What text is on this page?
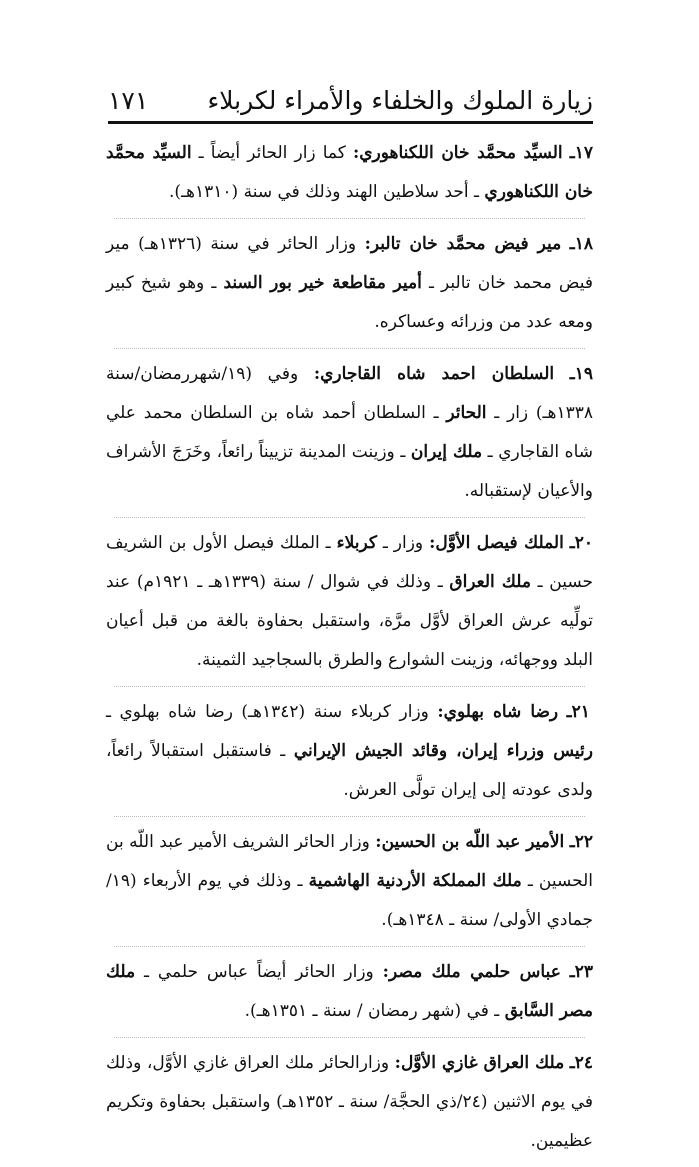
زيارة الملوك والخلفاء والأمراء لكربلاء
١٧١

١٧ـ السيِّد محمَّد خان اللكناهوري: كما زار الحائر أيضاً ـ السيِّد محمَّد خان اللكناهوري ـ أحد سلاطين الهند وذلك في سنة (١٣١٠هـ).

١٨ـ مير فيض محمَّد خان تالبر: وزار الحائر في سنة (١٣٢٦هـ) مير فيض محمد خان تالبر ـ أمير مقاطعة خير بور السند ـ وهو شيخ كبير ومعه عدد من وزرائه وعساكره.

١٩ـ السلطان احمد شاه القاجاري: وفي (١٩/شهررمضان/سنة ١٣٣٨هـ) زار ـ الحائر ـ السلطان أحمد شاه بن السلطان محمد علي شاه القاجاري ـ ملك إيران ـ وزينت المدينة تزييناً رائعاً، وخَرَجَ الأشراف والأعيان لإستقباله.

٢٠ـ الملك فيصل الأوَّل: وزار ـ كربلاء ـ الملك فيصل الأول بن الشريف حسين ـ ملك العراق ـ وذلك في شوال / سنة (١٣٣٩هـ ـ ١٩٢١م) عند تولِّيه عرش العراق لأوَّل مرَّة، واستقبل بحفاوة بالغة من قبل أعيان البلد ووجهائه، وزينت الشوارع والطرق بالسجاجيد الثمينة.

٢١ـ رضا شاه بهلوي: وزار كربلاء سنة (١٣٤٢هـ) رضا شاه بهلوي ـ رئيس وزراء إيران، وقائد الجيش الإيراني ـ فاستقبل استقبالاً رائعاً، ولدى عودته إلى إيران تولَّى العرش.

٢٢ـ الأمير عبد اللّه بن الحسين: وزار الحائر الشريف الأمير عبد اللّه بن الحسين ـ ملك المملكة الأردنية الهاشمية ـ وذلك في يوم الأربعاء (١٩/ جمادي الأولى/ سنة ـ ١٣٤٨هـ).

٢٣ـ عباس حلمي ملك مصر: وزار الحائر أيضاً عباس حلمي ـ ملك مصر السَّابق ـ في (شهر رمضان / سنة ـ ١٣٥١هـ).

٢٤ـ ملك العراق غازي الأوَّل: وزارالحائر ملك العراق غازي الأوَّل، وذلك في يوم الاثنين (٢٤/ذي الحجَّة/ سنة ـ ١٣٥٢هـ) واستقبل بحفاوة وتكريم عظيمين.
